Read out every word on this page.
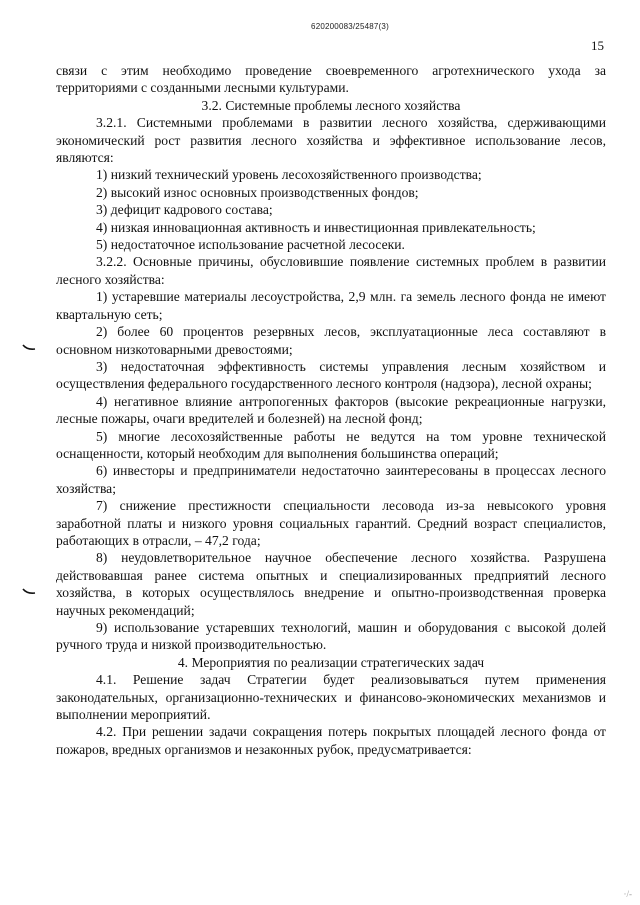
620200083/25487(3)
15

связи с этим необходимо проведение своевременного агротехнического ухода за территориями с созданными лесными культурами.

3.2. Системные проблемы лесного хозяйства

3.2.1. Системными проблемами в развитии лесного хозяйства, сдерживающими экономический рост развития лесного хозяйства и эффективное использование лесов, являются:

1) низкий технический уровень лесохозяйственного производства;

2) высокий износ основных производственных фондов;

3) дефицит кадрового состава;

4) низкая инновационная активность и инвестиционная привлекательность;

5) недостаточное использование расчетной лесосеки.

3.2.2. Основные причины, обусловившие появление системных проблем в развитии лесного хозяйства:

1) устаревшие материалы лесоустройства, 2,9 млн. га земель лесного фонда не имеют квартальную сеть;

2) более 60 процентов резервных лесов, эксплуатационные леса составляют в основном низкотоварными древостоями;

3) недостаточная эффективность системы управления лесным хозяйством и осуществления федерального государственного лесного контроля (надзора), лесной охраны;

4) негативное влияние антропогенных факторов (высокие рекреационные нагрузки, лесные пожары, очаги вредителей и болезней) на лесной фонд;

5) многие лесохозяйственные работы не ведутся на том уровне технической оснащенности, который необходим для выполнения большинства операций;

6) инвесторы и предприниматели недостаточно заинтересованы в процессах лесного хозяйства;

7) снижение престижности специальности лесовода из-за невысокого уровня заработной платы и низкого уровня социальных гарантий. Средний возраст специалистов, работающих в отрасли, – 47,2 года;

8) неудовлетворительное научное обеспечение лесного хозяйства. Разрушена действовавшая ранее система опытных и специализированных предприятий лесного хозяйства, в которых осуществлялось внедрение и опытно-производственная проверка научных рекомендаций;

9) использование устаревших технологий, машин и оборудования с высокой долей ручного труда и низкой производительностью.

4. Мероприятия по реализации стратегических задач

4.1. Решение задач Стратегии будет реализовываться путем применения законодательных, организационно-технических и финансово-экономических механизмов и выполнении мероприятий.

4.2. При решении задачи сокращения потерь покрытых площадей лесного фонда от пожаров, вредных организмов и незаконных рубок, предусматривается:

·/-
